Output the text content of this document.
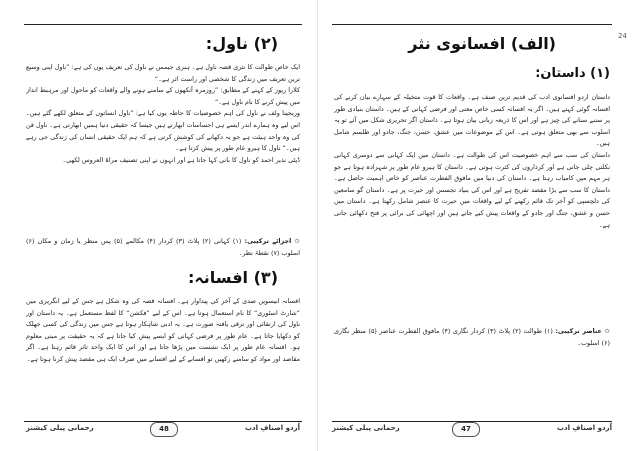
(۲) ناول:

ایک خاص طوالت کا نثری قصہ ناول ہے۔ ہنری جیمس نے ناول کی تعریف یوں کی ہے: ”ناول اپنی وسیع ترین تعریف میں زندگی کا شخصی اور راست اثر ہے۔“

کلارا ریوز کے کہنے کے مطابق: ”روزمرہ آنکھوں کے سامنے ہونے والے واقعات کو ماحول اور مرہبط انداز میں پیش کرنے کا نام ناول ہے۔“

وریجینا ولف نے ناول کی اہم خصوصیات کا حاطہ یوں کیا ہے: ”ناول انسانوں کے متعلق لکھے گئے ہیں۔ اس لیے وہ ہمارے اندر ایسے ہی احساسات ابھارتے ہیں جیسا کہ حقیقی دنیا ہمیں ابھارتی ہے۔ ناول فن کی وہ واحد ہیئت ہے جو یہ دکھانے کی کوشش کرتی ہے کہ ہم ایک حقیقی انسان کی زندگی جی رہے ہیں۔“ ناول کا ہیرو عام طور پر پیش کرتا ہے۔

ڈپٹی نذیر احمد کو ناول کا بانی کہا جاتا ہے اور انہوں نے اپنی تصنیف مراۃ العروس لکھی۔

✩ اجزائے ترکیبی: (۱) کہانی (۲) پلاٹ (۳) کردار (۴) مکالمے (۵) پس منظر یا زمان و مکاں (۶) اسلوب (۷) نقطۂ نظر۔

(۳) افسانہ:

افسانہ انیسویں صدی کے آخر کی پیداوار ہے۔ افسانہ قصہ کی وہ شکل ہے جس کے لیے انگریزی میں ”شارٹ اسٹوری“ کا نام استعمال ہوتا ہے۔ اس کے لیے ”فکشن“ کا لفظ مستعمل ہے۔ یہ داستان اور ناول کی ارتقائی اور ترقی یافتہ صورت ہے۔ یہ ادبی شاہکار ہوتا ہے جس میں زندگی کی کسی جھلک کو دکھایا جاتا ہے۔ عام طور پر فرضی کہانی کو ایسے پیش کیا جاتا ہے کہ یہ حقیقت پر مبنی معلوم ہو۔ افسانہ عام طور پر ایک نشست میں پڑھا جاتا ہے اور اس کا ایک واحد تاثر قائم رہتا ہے۔ اگر مقاصد اور مواد کو سامنے رکھیں تو افسانے کے لیے افسانے میں صرف ایک ہی مقصد پیش کرنا ہوتا ہے۔

رحمانی پبلی کیشنز	48	اُردو اصنافِ ادب
24
(الف) افسانوی نثر
(۱) داستان:

داستان اردو افسانوی ادب کی قدیم ترین صنف ہے۔ واقعات کا قوت متخیلہ کے سہارے بیان کرنے کی افسانہ گوئی کہتے ہیں۔ اگر یہ افسانہ کسی خاص معنی اور فرضی کہانی کے ہیں۔ داستان بنیادی طور پر سننے سنانے کی چیز ہے اور اس کا ذریعہ زبانی بیان ہوتا ہے۔ داستان اگر تحریری شکل میں آئے تو یہ اسلوب سے بھی متعلق ہوتی ہے۔ اس کے موضوعات میں عشق، حسن، جنگ، جادو اور طلسم شامل ہیں۔

داستان کی سب سے اہم خصوصیت اس کی طوالت ہے۔ داستان میں ایک کہانی سے دوسری کہانی نکلتی چلی جاتی ہے اور کرداروں کی کثرت ہوتی ہے۔ داستان کا ہیرو عام طور پر شہزادہ ہوتا ہے جو ہر مہم میں کامیاب رہتا ہے۔ داستان کی دنیا میں مافوق الفطرت عناصر کو خاص اہمیت حاصل ہے۔ داستان کا سب سے بڑا مقصد تفریح ہے اور اس کی بنیاد تجسس اور حیرت پر ہے۔ داستان گو سامعین کی دلچسپی کو آخر تک قائم رکھنے کے لیے واقعات میں حیرت کا عنصر شامل رکھتا ہے۔ داستان میں حسن و عشق، جنگ اور جادو کے واقعات پیش کیے جاتے ہیں اور اچھائی کی برائی پر فتح دکھائی جاتی ہے۔

✩ عناصر ترکیبی: (۱) طوالت (۲) پلاٹ (۳) کردار نگاری (۴) مافوق الفطرت عناصر (۵) منظر نگاری (۶) اسلوب۔

رحمانی پبلی کیشنز	47	اُردو اصنافِ ادب
